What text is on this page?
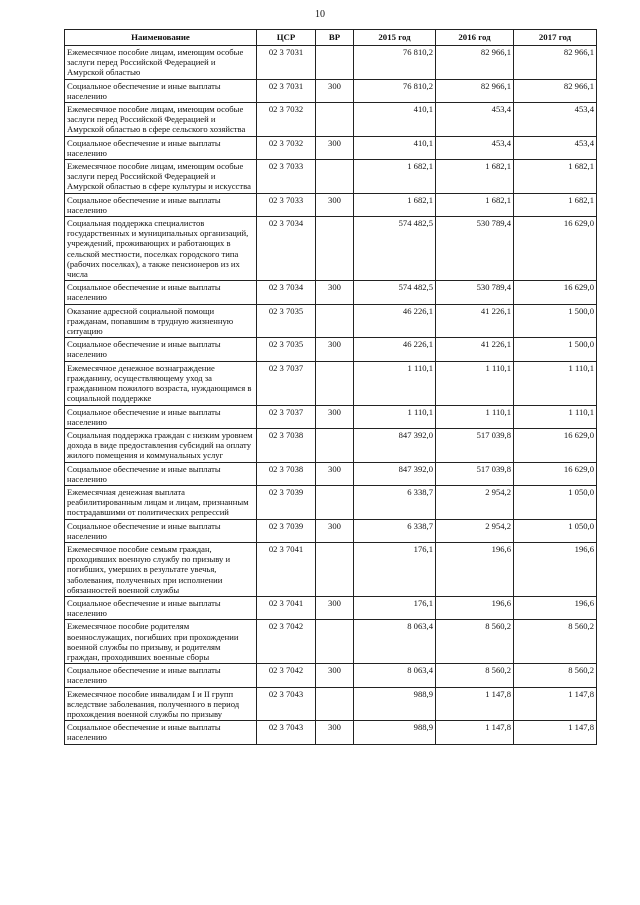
10
Наименование	ЦСР	ВР	2015 год	2016 год	2017 год
Ежемесячное пособие лицам, имеющим особые заслуги перед Российской Федерацией и Амурской областью	02 3 7031		76 810,2	82 966,1	82 966,1
Социальное обеспечение и иные выплаты населению	02 3 7031	300	76 810,2	82 966,1	82 966,1
Ежемесячное пособие лицам, имеющим особые заслуги перед Российской Федерацией и Амурской областью в сфере сельского хозяйства	02 3 7032		410,1	453,4	453,4
Социальное обеспечение и иные выплаты населению	02 3 7032	300	410,1	453,4	453,4
Ежемесячное пособие лицам, имеющим особые заслуги перед Российской Федерацией и Амурской областью в сфере культуры и искусства	02 3 7033		1 682,1	1 682,1	1 682,1
Социальное обеспечение и иные выплаты населению	02 3 7033	300	1 682,1	1 682,1	1 682,1
Социальная поддержка специалистов государственных и муниципальных организаций, учреждений, проживающих и работающих в сельской местности, поселках городского типа (рабочих поселках), а также пенсионеров из их числа	02 3 7034		574 482,5	530 789,4	16 629,0
Социальное обеспечение и иные выплаты населению	02 3 7034	300	574 482,5	530 789,4	16 629,0
Оказание адресной социальной помощи гражданам, попавшим в трудную жизненную ситуацию	02 3 7035		46 226,1	41 226,1	1 500,0
Социальное обеспечение и иные выплаты населению	02 3 7035	300	46 226,1	41 226,1	1 500,0
Ежемесячное денежное вознаграждение гражданину, осуществляющему уход за гражданином пожилого возраста, нуждающимся в социальной поддержке	02 3 7037		1 110,1	1 110,1	1 110,1
Социальное обеспечение и иные выплаты населению	02 3 7037	300	1 110,1	1 110,1	1 110,1
Социальная поддержка граждан с низким уровнем дохода в виде предоставления субсидий на оплату жилого помещения и коммунальных услуг	02 3 7038		847 392,0	517 039,8	16 629,0
Социальное обеспечение и иные выплаты населению	02 3 7038	300	847 392,0	517 039,8	16 629,0
Ежемесячная денежная выплата реабилитированным лицам и лицам, признанным пострадавшими от политических репрессий	02 3 7039		6 338,7	2 954,2	1 050,0
Социальное обеспечение и иные выплаты населению	02 3 7039	300	6 338,7	2 954,2	1 050,0
Ежемесячное пособие семьям граждан, проходивших военную службу по призыву и погибших, умерших в результате увечья, заболевания, полученных при исполнении обязанностей военной службы	02 3 7041		176,1	196,6	196,6
Социальное обеспечение и иные выплаты населению	02 3 7041	300	176,1	196,6	196,6
Ежемесячное пособие родителям военнослужащих, погибших при прохождении военной службы по призыву, и родителям граждан, проходивших военные сборы	02 3 7042		8 063,4	8 560,2	8 560,2
Социальное обеспечение и иные выплаты населению	02 3 7042	300	8 063,4	8 560,2	8 560,2
Ежемесячное пособие инвалидам I и II групп вследствие заболевания, полученного в период прохождения военной службы по призыву	02 3 7043		988,9	1 147,8	1 147,8
Социальное обеспечение и иные выплаты населению	02 3 7043	300	988,9	1 147,8	1 147,8
